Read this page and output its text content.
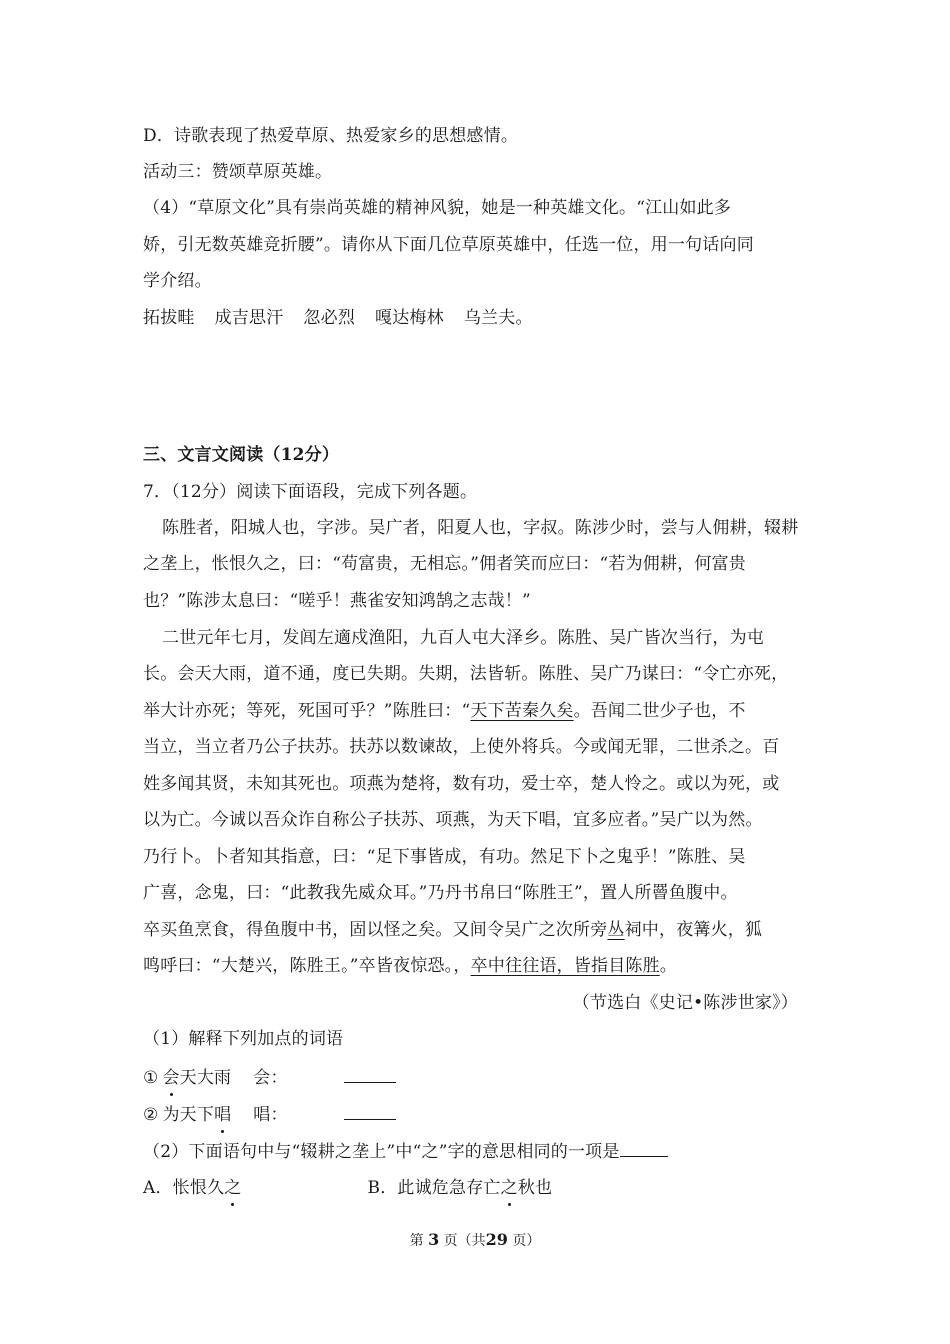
D．诗歌表现了热爱草原、热爱家乡的思想感情。
活动三：赞颂草原英雄。
（4）“草原文化”具有崇尚英雄的精神风貌，她是一种英雄文化。“江山如此多
娇，引无数英雄竞折腰”。请你从下面几位草原英雄中，任选一位，用一句话向同
学介绍。
拓拔畦 成吉思汗 忽必烈 嘎达梅林 乌兰夫。
三、文言文阅读（12分）
7．（12分）阅读下面语段，完成下列各题。
陈胜者，阳城人也，字涉。吴广者，阳夏人也，字叔。陈涉少时，尝与人佣耕，辍耕
之垄上，怅恨久之，曰：“苟富贵，无相忘。”佣者笑而应曰：“若为佣耕，何富贵
也？”陈涉太息曰：“嗟乎！燕雀安知鸿鹄之志哉！”
二世元年七月，发闾左適戍渔阳，九百人屯大泽乡。陈胜、吴广皆次当行，为屯
长。会天大雨，道不通，度已失期。失期，法皆斩。陈胜、吴广乃谋曰：“令亡亦死，
举大计亦死；等死，死国可乎？”陈胜曰：“天下苦秦久矣。吾闻二世少子也，不
当立，当立者乃公子扶苏。扶苏以数谏故，上使外将兵。今或闻无罪，二世杀之。百
姓多闻其贤，未知其死也。项燕为楚将，数有功，爱士卒，楚人怜之。或以为死，或
以为亡。今诚以吾众诈自称公子扶苏、项燕，为天下唱，宜多应者。”吴广以为然。
乃行卜。卜者知其指意，曰：“足下事皆成，有功。然足下卜之鬼乎！”陈胜、吴
广喜，念鬼，曰：“此教我先威众耳。”乃丹书帛曰“陈胜王”，置人所罾鱼腹中。
卒买鱼烹食，得鱼腹中书，固以怪之矣。又间令吴广之次所旁丛祠中，夜篝火，狐
鸣呼曰：“大楚兴，陈胜王。”卒皆夜惊恐。，卒中往往语，皆指目陈胜。
（节选白《史记•陈涉世家》）
（1）解释下列加点的词语
① 会天大雨 会：
② 为天下唱 唱：
（2）下面语句中与“辍耕之垄上”中“之”字的意思相同的一项是
A．怅恨久之	B．此诚危急存亡之秋也
第 3 页（共29 页）
